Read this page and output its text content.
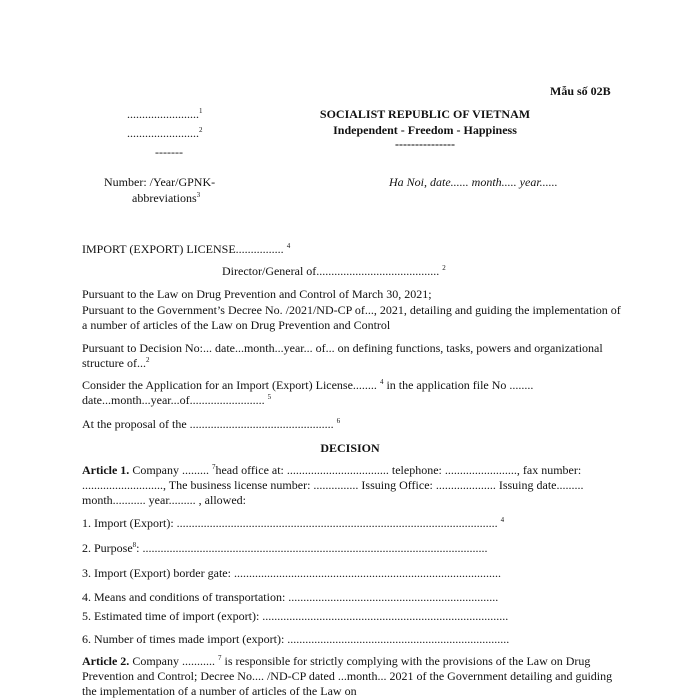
Mẫu số 02B
........................$^1$
........................$^2$
-------
SOCIALIST REPUBLIC OF VIETNAM
Independent - Freedom - Happiness
---------------
Number: /Year/GPNK-
abbreviations$^3$
Ha Noi, date...... month..... year......
IMPORT (EXPORT) LICENSE................ $^4$
Director/General of......................................... $^2$
Pursuant to the Law on Drug Prevention and Control of March 30, 2021;
Pursuant to the Government’s Decree No. /2021/ND-CP of..., 2021, detailing and guiding the implementation of a number of articles of the Law on Drug Prevention and Control
Pursuant to Decision No:... date...month...year... of... on defining functions, tasks, powers and organizational structure of...$^2$
Consider the Application for an Import (Export) License........ $^4$ in the application file No ........ date...month...year...of......................... $^5$
At the proposal of the ................................................ $^6$
DECISION
Article 1. Company ......... $^7$head office at: .................................. telephone: ........................, fax number: ..........................., The business license number: ............... Issuing Office: .................... Issuing date......... month........... year......... , allowed:
1. Import (Export): ........................................................................................................... $^4$
2. Purpose$^8$: ...................................................................................................................
3. Import (Export) border gate: .........................................................................................
4. Means and conditions of transportation: ......................................................................
5. Estimated time of import (export): ..................................................................................
6. Number of times made import (export): ..........................................................................
Article 2. Company ........... $^7$ is responsible for strictly complying with the provisions of the Law on Drug Prevention and Control; Decree No.... /ND-CP dated ...month... 2021 of the Government detailing and guiding the implementation of a number of articles of the Law on
